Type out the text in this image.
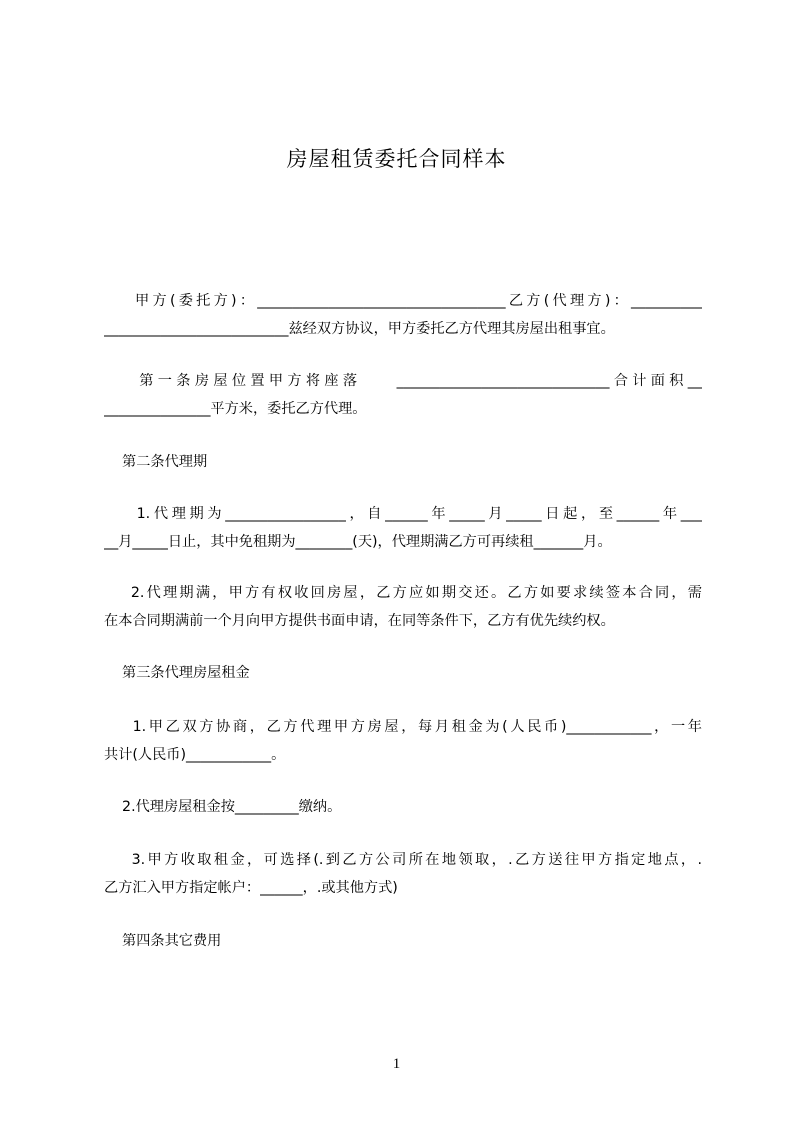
房屋租赁委托合同样本
甲方(委托方)：___________________________________乙方(代理方)：__________
__________________________兹经双方协议，甲方委托乙方代理其房屋出租事宜。
第一条房屋位置甲方将座落    ______________________________合计面积__
_______________平方米，委托乙方代理。
第二条代理期
1.代理期为_________________，自______年_____月_____日起，至______年___
__月_____日止，其中免租期为________(天)，代理期满乙方可再续租_______月。
2.代理期满，甲方有权收回房屋，乙方应如期交还。乙方如要求续签本合同，需
在本合同期满前一个月向甲方提供书面申请，在同等条件下，乙方有优先续约权。
第三条代理房屋租金
1.甲乙双方协商，乙方代理甲方房屋，每月租金为(人民币)____________，一年
共计(人民币)____________。
2.代理房屋租金按_________缴纳。
3.甲方收取租金，可选择(.到乙方公司所在地领取，.乙方送往甲方指定地点，.
乙方汇入甲方指定帐户：______，.或其他方式)
第四条其它费用
1
